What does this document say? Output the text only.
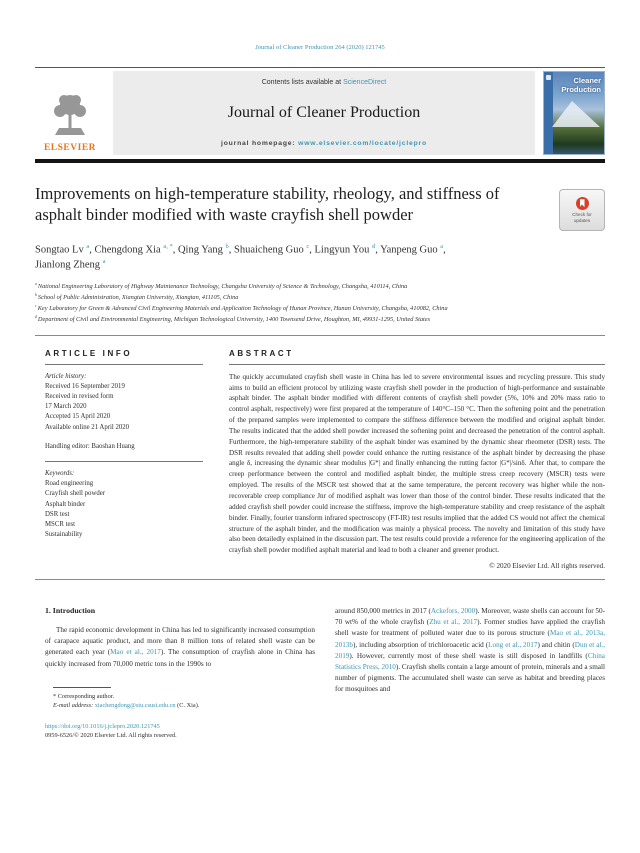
Journal of Cleaner Production 264 (2020) 121745
ELSEVIER
Contents lists available at ScienceDirect
Journal of Cleaner Production
journal homepage: www.elsevier.com/locate/jclepro
Cleaner
Production
Improvements on high-temperature stability, rheology, and stiffness of asphalt binder modified with waste crayfish shell powder	Check for updates
Songtao Lv $^a$, Chengdong Xia $^{a, *}$, Qing Yang $^b$, Shuaicheng Guo $^c$, Lingyun You $^d$, Yanpeng Guo $^a$, Jianlong Zheng $^a$
$^a$ National Engineering Laboratory of Highway Maintenance Technology, Changsha University of Science & Technology, Changsha, 410114, China
$^b$ School of Public Administration, Xiangtan University, Xiangtan, 411105, China
$^c$ Key Laboratory for Green & Advanced Civil Engineering Materials and Application Technology of Hunan Province, Hunan University, Changsha, 410082, China
$^d$ Department of Civil and Environmental Engineering, Michigan Technological University, 1400 Townsend Drive, Houghton, MI, 49931-1295, United States
ARTICLE INFO

Article history:

Received 16 September 2019
Received in revised form
17 March 2020
Accepted 15 April 2020
Available online 21 April 2020

Handling editor: Baoshan Huang

Keywords:

Road engineering
Crayfish shell powder
Asphalt binder
DSR test
MSCR test
Sustainability
ABSTRACT

The quickly accumulated crayfish shell waste in China has led to severe environmental issues and recycling pressure. This study aims to build an efficient protocol by utilizing waste crayfish shell powder in the production of high-performance and sustainable asphalt binder. The asphalt binder modified with different contents of crayfish shell powder (5%, 10% and 20% mass ratio to control asphalt, respectively) were first prepared at the temperature of 140°C–150 °C. Then the softening point and the penetration of the prepared samples were implemented to compare the stiffness difference between the modified and original asphalt binder. The results indicated that the added shell powder increased the softening point and decreased the penetration of the control asphalt. Furthermore, the high-temperature stability of the asphalt binder was examined by the dynamic shear rheometer (DSR) tests. The DSR results revealed that adding shell powder could enhance the rutting resistance of the asphalt binder by decreasing the phase angle δ, increasing the dynamic shear modulus |G*| and finally enhancing the rutting factor |G*|/sinδ. After that, to compare the creep performance between the control and modified asphalt binder, the multiple stress creep recovery (MSCR) tests were employed. The results of the MSCR test showed that at the same temperature, the percent recovery was higher while the non-recoverable creep compliance Jnr of modified asphalt was lower than those of the control binder. These results indicated that the added crayfish shell powder could increase the stiffness, improve the high-temperature stability and creep resistance of the asphalt binder. Finally, fourier transform infrared spectroscopy (FT-IR) test results implied that the added CS would not affect the chemical structure of the asphalt binder, and the modification was mainly a physical process. The novelty and limitation of this study have also been detailedly explained in the discussion part. The test results could provide a reference for the engineering application of the crayfish shell powder modified asphalt material and lead to both a cleaner and greener product.

© 2020 Elsevier Ltd. All rights reserved.
1. Introduction

The rapid economic development in China has led to significantly increased consumption of carapace aquatic product, and more than 8 million tons of related shell waste can be generated each year (Mao et al., 2017). The consumption of crayfish alone in China has quickly increased from 70,000 metric tons in the 1990s to

* Corresponding author.
E-mail address: xiachengdong@stu.csust.edu.cn (C. Xia).
https://doi.org/10.1016/j.jclepro.2020.121745
0959-6526/© 2020 Elsevier Ltd. All rights reserved.

around 850,000 metrics in 2017 (Ackefors, 2000). Moreover, waste shells can account for 50-70 wt% of the whole crayfish (Zhu et al., 2017). Former studies have applied the crayfish shell waste for treatment of polluted water due to its porous structure (Mao et al., 2013a, 2013b), including absorption of trichloroacetic acid (Long et al., 2017) and chitin (Dun et al., 2019). However, currently most of these shell waste is still disposed in landfills (China Statistics Press, 2010). Crayfish shells contain a large amount of protein, minerals and a small number of pigments. The accumulated shell waste can serve as habitat and breeding places for mosquitoes and
